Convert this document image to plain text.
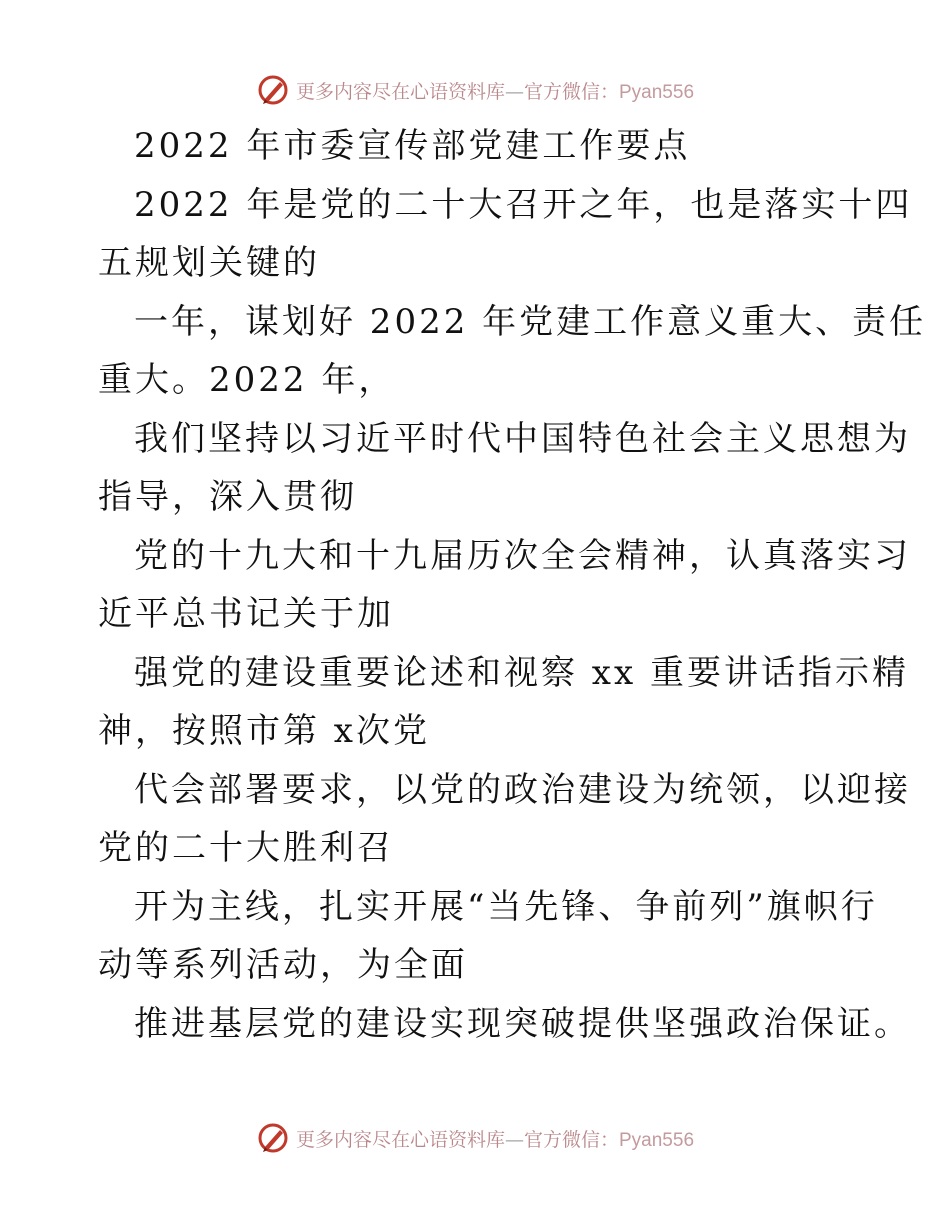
更多内容尽在心语资料库—官方微信：Pyan556
2022 年市委宣传部党建工作要点
2022 年是党的二十大召开之年，也是落实十四
五规划关键的
一年，谋划好 2022 年党建工作意义重大、责任
重大。2022 年，
我们坚持以习近平时代中国特色社会主义思想为
指导，深入贯彻
党的十九大和十九届历次全会精神，认真落实习
近平总书记关于加
强党的建设重要论述和视察 xx 重要讲话指示精
神，按照市第 x次党
代会部署要求，以党的政治建设为统领，以迎接
党的二十大胜利召
开为主线，扎实开展“当先锋、争前列”旗帜行
动等系列活动，为全面
推进基层党的建设实现突破提供坚强政治保证。
更多内容尽在心语资料库—官方微信：Pyan556
